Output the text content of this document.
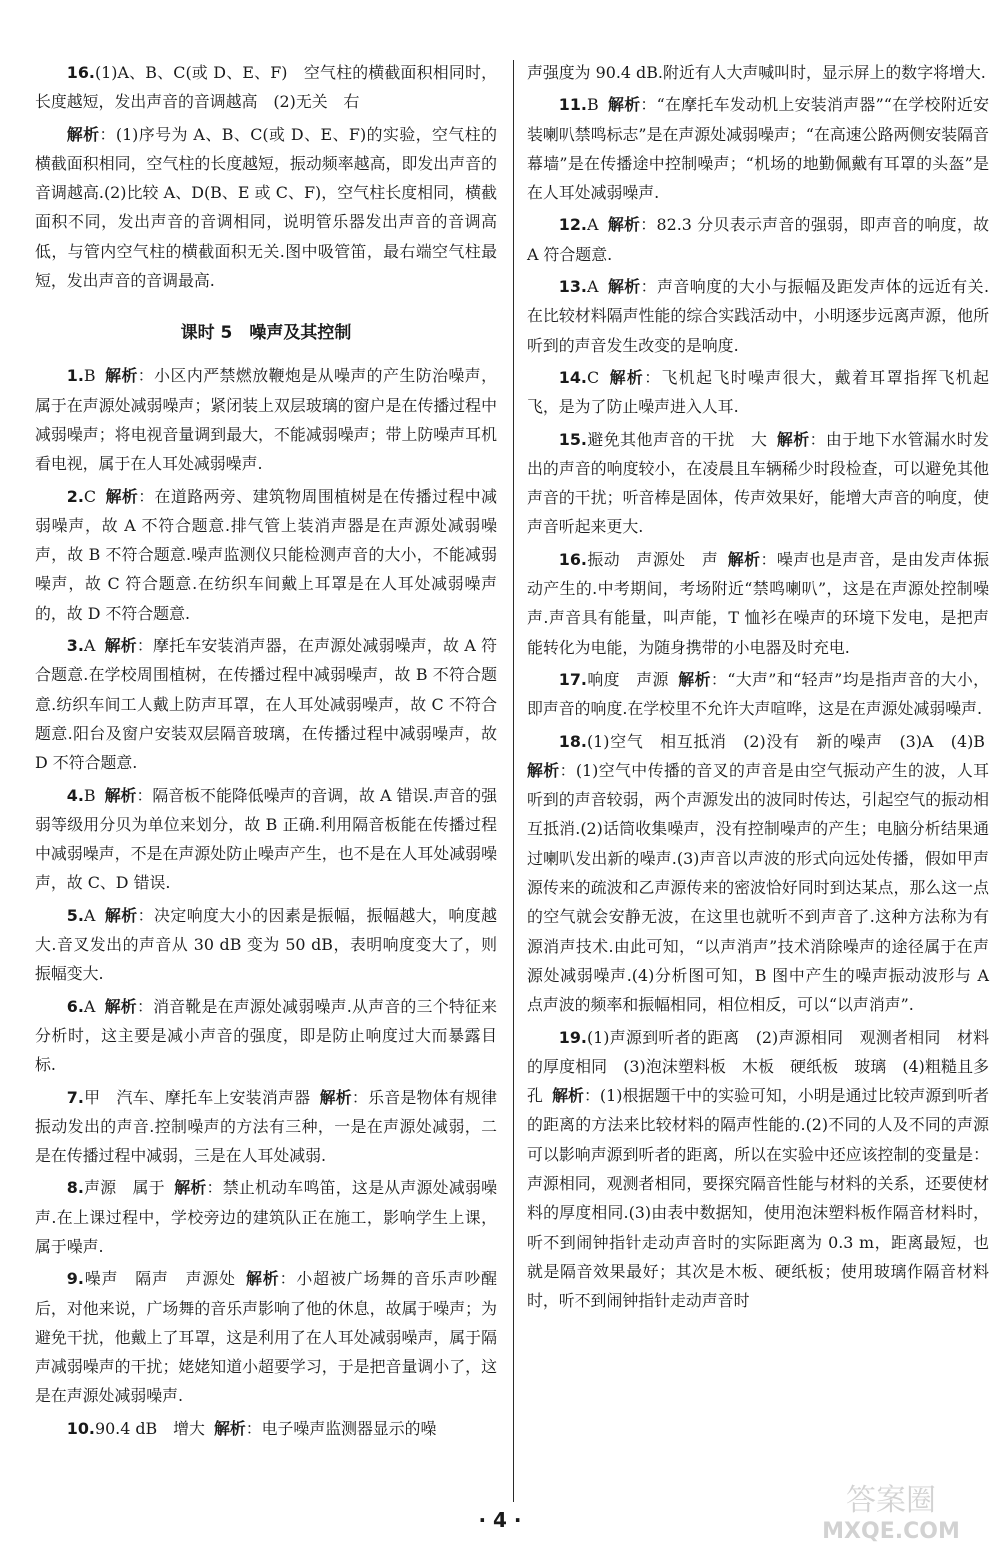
16.(1)A、B、C(或 D、E、F)　空气柱的横截面积相同时，长度越短，发出声音的音调越高　(2)无关　右

解析：(1)序号为 A、B、C(或 D、E、F)的实验，空气柱的横截面积相同，空气柱的长度越短，振动频率越高，即发出声音的音调越高.(2)比较 A、D(B、E 或 C、F)，空气柱长度相同，横截面积不同，发出声音的音调相同，说明管乐器发出声音的音调高低，与管内空气柱的横截面积无关.图中吸管笛，最右端空气柱最短，发出声音的音调最高.

课时 5　噪声及其控制

1.B 解析：小区内严禁燃放鞭炮是从噪声的产生防治噪声，属于在声源处减弱噪声；紧闭装上双层玻璃的窗户是在传播过程中减弱噪声；将电视音量调到最大，不能减弱噪声；带上防噪声耳机看电视，属于在人耳处减弱噪声.

2.C 解析：在道路两旁、建筑物周围植树是在传播过程中减弱噪声，故 A 不符合题意.排气管上装消声器是在声源处减弱噪声，故 B 不符合题意.噪声监测仪只能检测声音的大小，不能减弱噪声，故 C 符合题意.在纺织车间戴上耳罩是在人耳处减弱噪声的，故 D 不符合题意.

3.A 解析：摩托车安装消声器，在声源处减弱噪声，故 A 符合题意.在学校周围植树，在传播过程中减弱噪声，故 B 不符合题意.纺织车间工人戴上防声耳罩，在人耳处减弱噪声，故 C 不符合题意.阳台及窗户安装双层隔音玻璃，在传播过程中减弱噪声，故 D 不符合题意.

4.B 解析：隔音板不能降低噪声的音调，故 A 错误.声音的强弱等级用分贝为单位来划分，故 B 正确.利用隔音板能在传播过程中减弱噪声，不是在声源处防止噪声产生，也不是在人耳处减弱噪声，故 C、D 错误.

5.A 解析：决定响度大小的因素是振幅，振幅越大，响度越大.音叉发出的声音从 30 dB 变为 50 dB，表明响度变大了，则振幅变大.

6.A 解析：消音靴是在声源处减弱噪声.从声音的三个特征来分析时，这主要是减小声音的强度，即是防止响度过大而暴露目标.

7.甲　汽车、摩托车上安装消声器 解析：乐音是物体有规律振动发出的声音.控制噪声的方法有三种，一是在声源处减弱，二是在传播过程中减弱，三是在人耳处减弱.

8.声源　属于 解析：禁止机动车鸣笛，这是从声源处减弱噪声.在上课过程中，学校旁边的建筑队正在施工，影响学生上课，属于噪声.

9.噪声　隔声　声源处 解析：小超被广场舞的音乐声吵醒后，对他来说，广场舞的音乐声影响了他的休息，故属于噪声；为避免干扰，他戴上了耳罩，这是利用了在人耳处减弱噪声，属于隔声减弱噪声的干扰；姥姥知道小超要学习，于是把音量调小了，这是在声源处减弱噪声.

10.90.4 dB　增大 解析：电子噪声监测器显示的噪

声强度为 90.4 dB.附近有人大声喊叫时，显示屏上的数字将增大.

11.B 解析：“在摩托车发动机上安装消声器”“在学校附近安装喇叭禁鸣标志”是在声源处减弱噪声；“在高速公路两侧安装隔音幕墙”是在传播途中控制噪声；“机场的地勤佩戴有耳罩的头盔”是在人耳处减弱噪声.

12.A 解析：82.3 分贝表示声音的强弱，即声音的响度，故 A 符合题意.

13.A 解析：声音响度的大小与振幅及距发声体的远近有关.在比较材料隔声性能的综合实践活动中，小明逐步远离声源，他所听到的声音发生改变的是响度.

14.C 解析：飞机起飞时噪声很大，戴着耳罩指挥飞机起飞，是为了防止噪声进入人耳.

15.避免其他声音的干扰　大 解析：由于地下水管漏水时发出的声音的响度较小，在凌晨且车辆稀少时段检查，可以避免其他声音的干扰；听音棒是固体，传声效果好，能增大声音的响度，使声音听起来更大.

16.振动　声源处　声 解析：噪声也是声音，是由发声体振动产生的.中考期间，考场附近“禁鸣喇叭”，这是在声源处控制噪声.声音具有能量，叫声能，T 恤衫在噪声的环境下发电，是把声能转化为电能，为随身携带的小电器及时充电.

17.响度　声源 解析：“大声”和“轻声”均是指声音的大小，即声音的响度.在学校里不允许大声喧哗，这是在声源处减弱噪声.

18.(1)空气　相互抵消　(2)没有　新的噪声　(3)A　(4)B 解析：(1)空气中传播的音叉的声音是由空气振动产生的波，人耳听到的声音较弱，两个声源发出的波同时传达，引起空气的振动相互抵消.(2)话筒收集噪声，没有控制噪声的产生；电脑分析结果通过喇叭发出新的噪声.(3)声音以声波的形式向远处传播，假如甲声源传来的疏波和乙声源传来的密波恰好同时到达某点，那么这一点的空气就会安静无波，在这里也就听不到声音了.这种方法称为有源消声技术.由此可知，“以声消声”技术消除噪声的途径属于在声源处减弱噪声.(4)分析图可知，B 图中产生的噪声振动波形与 A 点声波的频率和振幅相同，相位相反，可以“以声消声”.

19.(1)声源到听者的距离　(2)声源相同　观测者相同　材料的厚度相同　(3)泡沫塑料板　木板　硬纸板　玻璃　(4)粗糙且多孔 解析：(1)根据题干中的实验可知，小明是通过比较声源到听者的距离的方法来比较材料的隔声性能的.(2)不同的人及不同的声源可以影响声源到听者的距离，所以在实验中还应该控制的变量是：声源相同，观测者相同，要探究隔音性能与材料的关系，还要使材料的厚度相同.(3)由表中数据知，使用泡沫塑料板作隔音材料时，听不到闹钟指针走动声音时的实际距离为 0.3 m，距离最短，也就是隔音效果最好；其次是木板、硬纸板；使用玻璃作隔音材料时，听不到闹钟指针走动声音时

· 4 ·
答案圈
MXQE.COM
